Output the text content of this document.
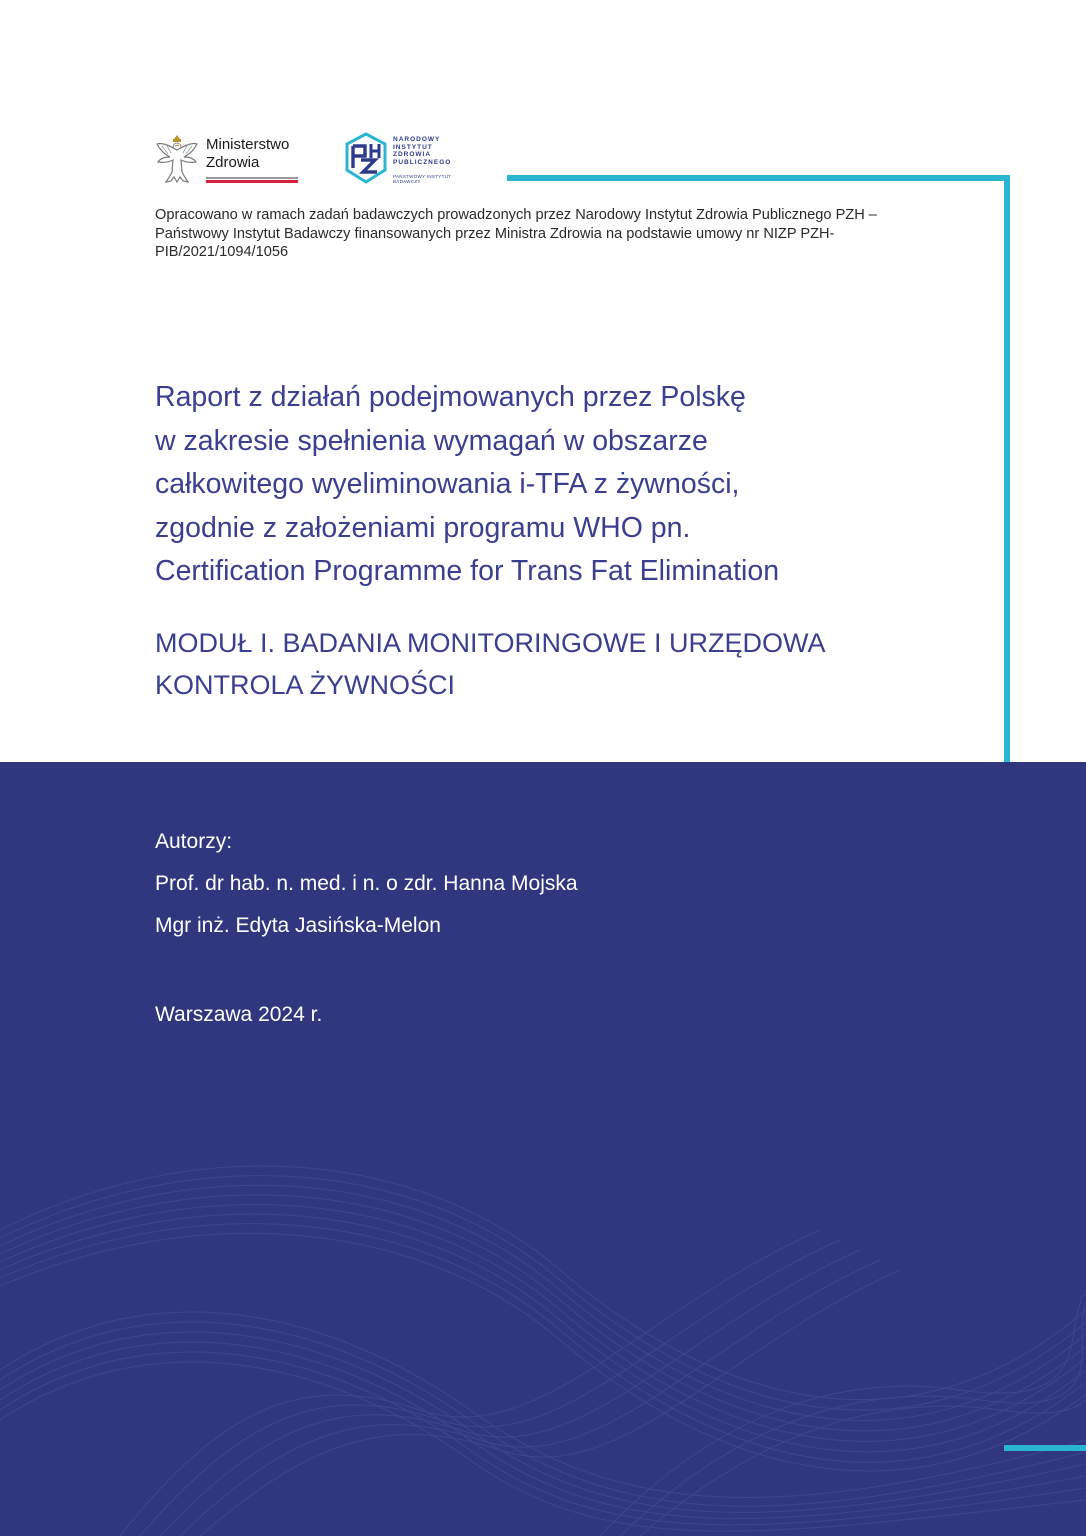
Ministerstwo
Zdrowia
NARODOWY
INSTYTUT
ZDROWIA
PUBLICZNEGO
PAŃSTWOWY INSTYTUT
BADAWCZY
Opracowano w ramach zadań badawczych prowadzonych przez Narodowy Instytut Zdrowia Publicznego PZH – Państwowy Instytut Badawczy finansowanych przez Ministra Zdrowia na podstawie umowy nr NIZP PZH-PIB/2021/1094/1056
Raport z działań podejmowanych przez Polskę
w zakresie spełnienia wymagań w obszarze
całkowitego wyeliminowania i-TFA z żywności,
zgodnie z założeniami programu WHO pn.
Certification Programme for Trans Fat Elimination
MODUŁ I. BADANIA MONITORINGOWE I URZĘDOWA
KONTROLA ŻYWNOŚCI
Autorzy:
Prof. dr hab. n. med. i n. o zdr. Hanna Mojska
Mgr inż. Edyta Jasińska-Melon
Warszawa 2024 r.
